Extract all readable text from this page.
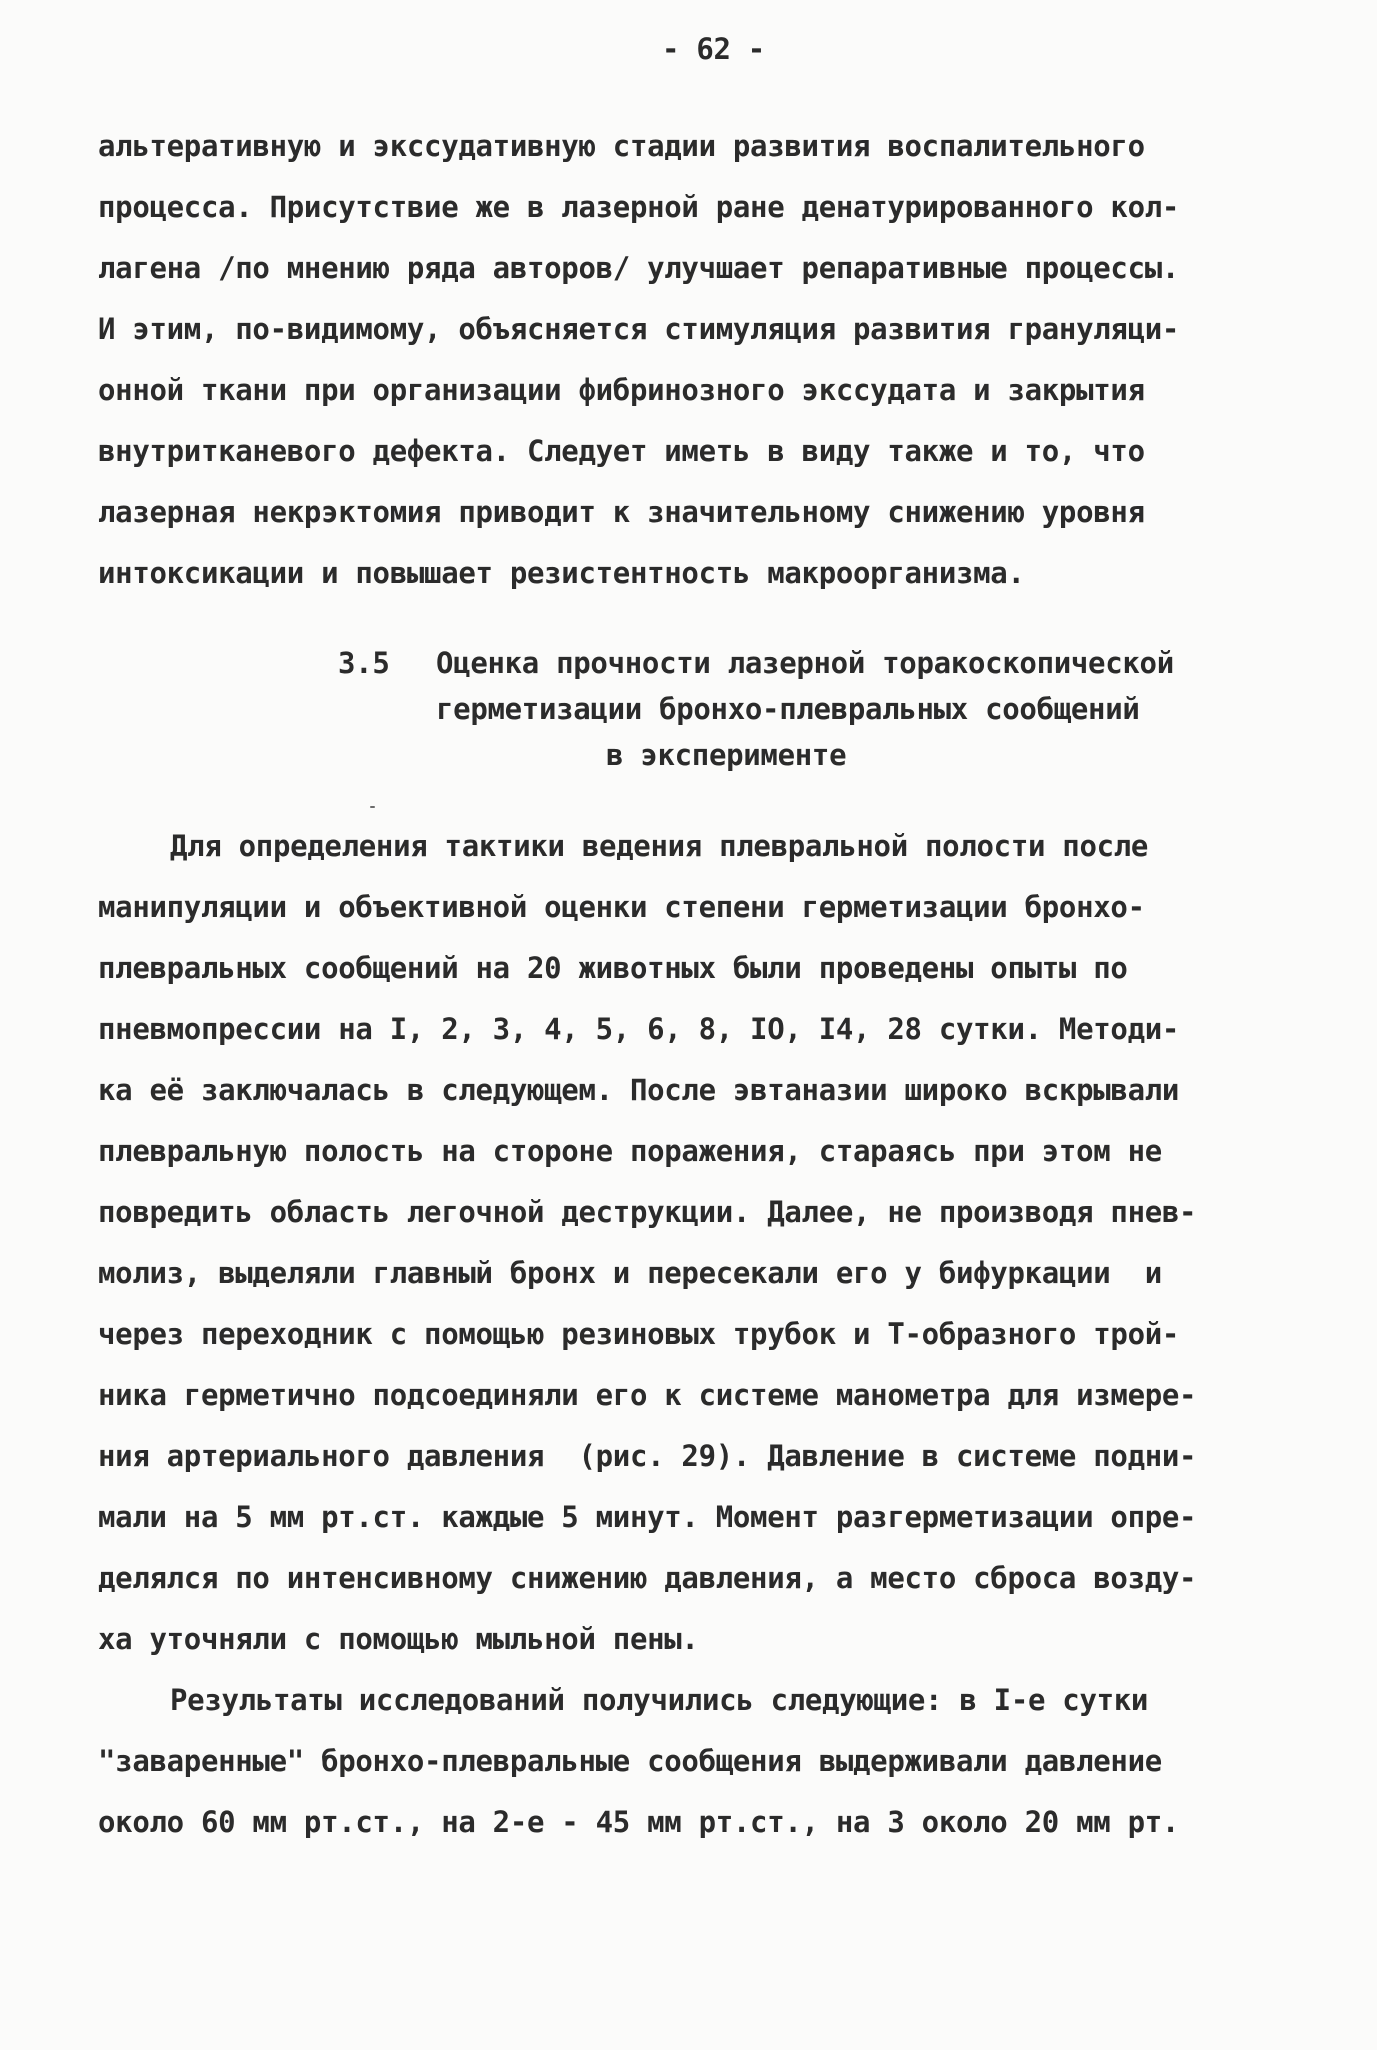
- 62 -
альтеративную и экссудативную стадии развития воспалительного
процесса. Присутствие же в лазерной ране денатурированного кол-
лагена /по мнению ряда авторов/ улучшает репаративные процессы.
И этим, по-видимому, объясняется стимуляция развития грануляци-
онной ткани при организации фибринозного экссудата и закрытия
внутритканевого дефекта. Следует иметь в виду также и то, что
лазерная некрэктомия приводит к значительному снижению уровня
интоксикации и повышает резистентность макроорганизма.
3.5 Оценка прочности лазерной торакоскопической
герметизации бронхо-плевральных сообщений
в эксперименте
Для определения тактики ведения плевральной полости после
манипуляции и объективной оценки степени герметизации бронхо-
плевральных сообщений на 20 животных были проведены опыты по
пневмопрессии на I, 2, 3, 4, 5, 6, 8, IO, I4, 28 сутки. Методи-
ка её заключалась в следующем. После эвтаназии широко вскрывали
плевральную полость на стороне поражения, стараясь при этом не
повредить область легочной деструкции. Далее, не производя пнев-
молиз, выделяли главный бронх и пересекали его у бифуркации  и
через переходник с помощью резиновых трубок и Т-образного трой-
ника герметично подсоединяли его к системе манометра для измере-
ния артериального давления  (рис. 29). Давление в системе подни-
мали на 5 мм рт.ст. каждые 5 минут. Момент разгерметизации опре-
делялся по интенсивному снижению давления, а место сброса возду-
ха уточняли с помощью мыльной пены.
Результаты исследований получились следующие: в I-е сутки
"заваренные" бронхо-плевральные сообщения выдерживали давление
около 60 мм рт.ст., на 2-е - 45 мм рт.ст., на 3 около 20 мм рт.
